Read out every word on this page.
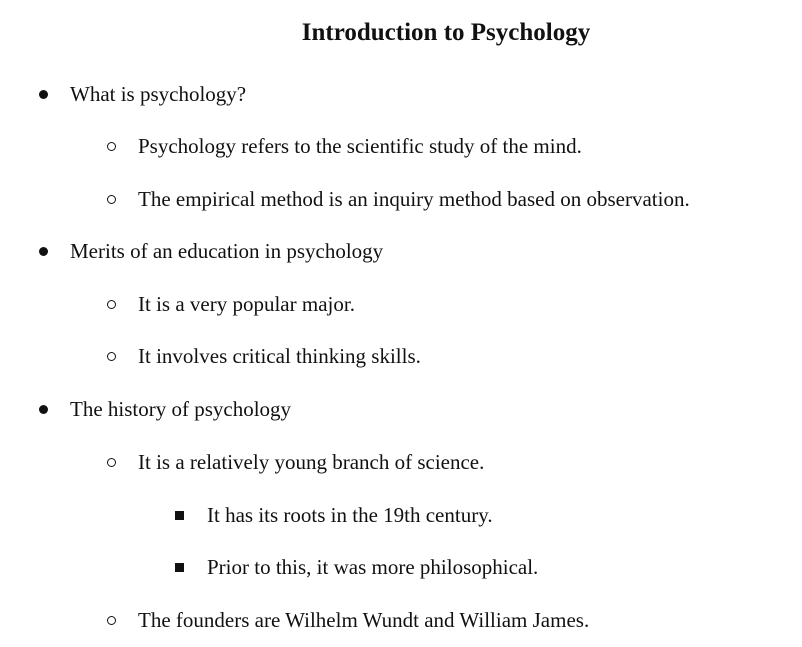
Introduction to Psychology
What is psychology?
Psychology refers to the scientific study of the mind.
The empirical method is an inquiry method based on observation.
Merits of an education in psychology
It is a very popular major.
It involves critical thinking skills.
The history of psychology
It is a relatively young branch of science.
It has its roots in the 19th century.
Prior to this, it was more philosophical.
The founders are Wilhelm Wundt and William James.
